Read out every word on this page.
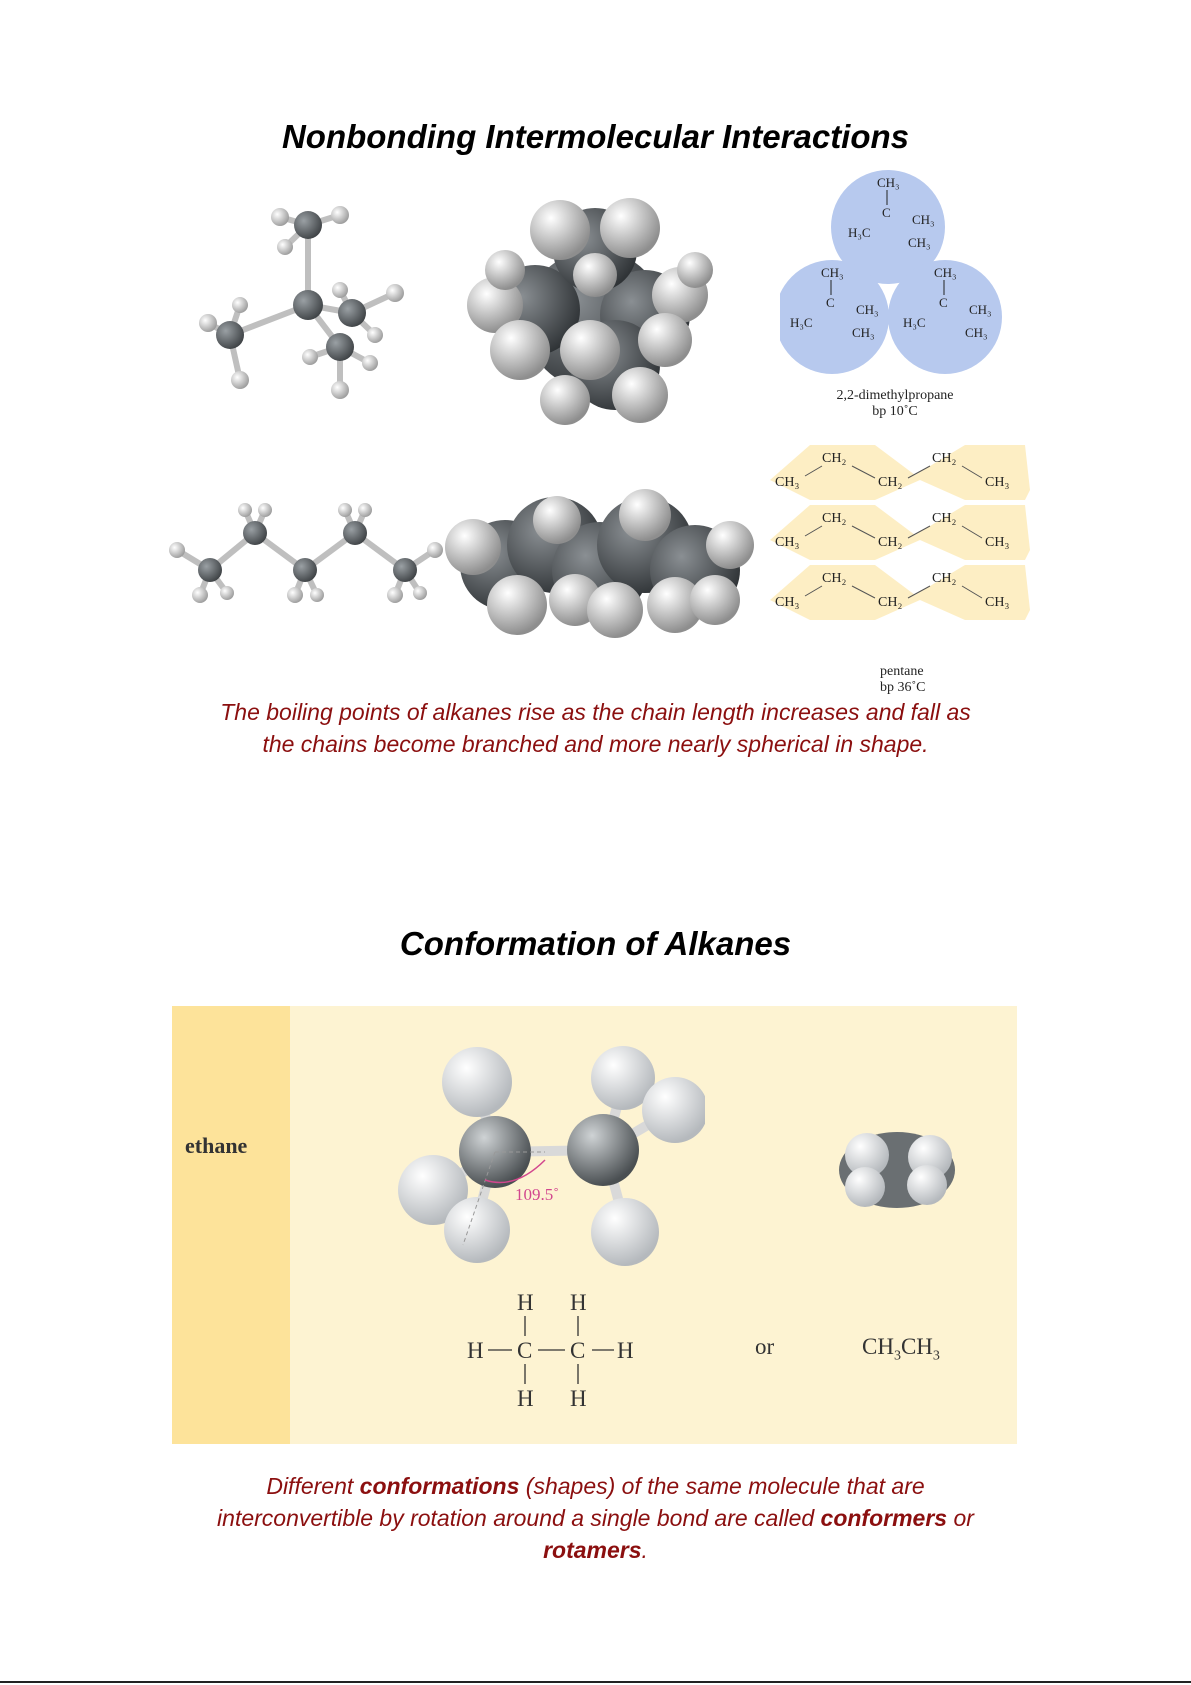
Nonbonding Intermolecular Interactions
CH₃
C CH₃
H₃C
CH₃
CH₃
C CH₃
H₃C
CH₃
CH₃
C CH₃
H₃C
CH₃
2,2-dimethylpropane
bp 10˚C
CH₂
CH₃	CH₂
CH₂
CH₃
CH₂
CH₃	CH₂
CH₂
CH₃
CH₂
CH₃	CH₂
CH₂
CH₃
pentane
bp 36˚C
The boiling points of alkanes rise as the chain length increases and fall as
the chains become branched and more nearly spherical in shape.
Conformation of Alkanes
ethane
109.5˚
H H
H C C H
H H
or	$CH_3CH_3$
Different conformations (shapes) of the same molecule that are
interconvertible by rotation around a single bond are called conformers or
rotamers.
